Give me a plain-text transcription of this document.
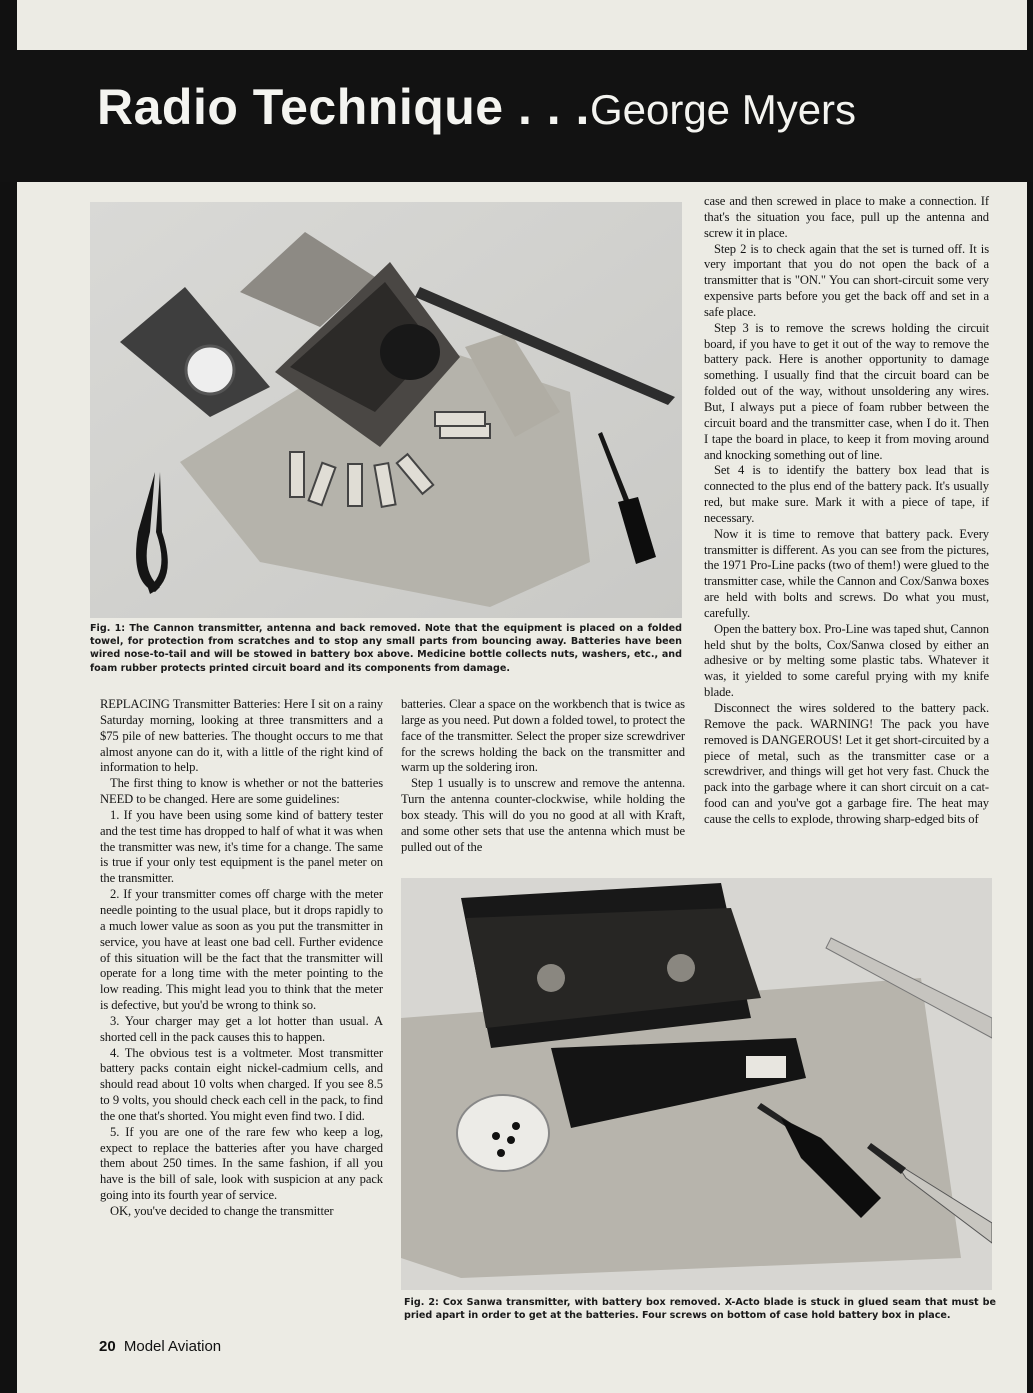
Radio Technique . . .George Myers
Fig. 1: The Cannon transmitter, antenna and back removed. Note that the equipment is placed on a folded towel, for protection from scratches and to stop any small parts from bouncing away. Batteries have been wired nose-to-tail and will be stowed in battery box above. Medicine bottle collects nuts, washers, etc., and foam rubber protects printed circuit board and its components from damage.
Fig. 2: Cox Sanwa transmitter, with battery box removed. X-Acto blade is stuck in glued seam that must be pried apart in order to get at the batteries. Four screws on bottom of case hold battery box in place.

REPLACING Transmitter Batteries: Here I sit on a rainy Saturday morning, looking at three transmitters and a $75 pile of new batteries. The thought occurs to me that almost anyone can do it, with a little of the right kind of information to help.

The first thing to know is whether or not the batteries NEED to be changed. Here are some guidelines:

1. If you have been using some kind of battery tester and the test time has dropped to half of what it was when the transmitter was new, it's time for a change. The same is true if your only test equipment is the panel meter on the transmitter.

2. If your transmitter comes off charge with the meter needle pointing to the usual place, but it drops rapidly to a much lower value as soon as you put the transmitter in service, you have at least one bad cell. Further evidence of this situation will be the fact that the transmitter will operate for a long time with the meter pointing to the low reading. This might lead you to think that the meter is defective, but you'd be wrong to think so.

3. Your charger may get a lot hotter than usual. A shorted cell in the pack causes this to happen.

4. The obvious test is a voltmeter. Most transmitter battery packs contain eight nickel-cadmium cells, and should read about 10 volts when charged. If you see 8.5 to 9 volts, you should check each cell in the pack, to find the one that's shorted. You might even find two. I did.

5. If you are one of the rare few who keep a log, expect to replace the batteries after you have charged them about 250 times. In the same fashion, if all you have is the bill of sale, look with suspicion at any pack going into its fourth year of service.

OK, you've decided to change the transmitter

batteries. Clear a space on the workbench that is twice as large as you need. Put down a folded towel, to protect the face of the transmitter. Select the proper size screwdriver for the screws holding the back on the transmitter and warm up the soldering iron.

Step 1 usually is to unscrew and remove the antenna. Turn the antenna counter-clockwise, while holding the box steady. This will do you no good at all with Kraft, and some other sets that use the antenna which must be pulled out of the

case and then screwed in place to make a connection. If that's the situation you face, pull up the antenna and screw it in place.

Step 2 is to check again that the set is turned off. It is very important that you do not open the back of a transmitter that is "ON." You can short-circuit some very expensive parts before you get the back off and set in a safe place.

Step 3 is to remove the screws holding the circuit board, if you have to get it out of the way to remove the battery pack. Here is another opportunity to damage something. I usually find that the circuit board can be folded out of the way, without unsoldering any wires. But, I always put a piece of foam rubber between the circuit board and the transmitter case, when I do it. Then I tape the board in place, to keep it from moving around and knocking something out of line.

Set 4 is to identify the battery box lead that is connected to the plus end of the battery pack. It's usually red, but make sure. Mark it with a piece of tape, if necessary.

Now it is time to remove that battery pack. Every transmitter is different. As you can see from the pictures, the 1971 Pro-Line packs (two of them!) were glued to the transmitter case, while the Cannon and Cox/Sanwa boxes are held with bolts and screws. Do what you must, carefully.

Open the battery box. Pro-Line was taped shut, Cannon held shut by the bolts, Cox/Sanwa closed by either an adhesive or by melting some plastic tabs. Whatever it was, it yielded to some careful prying with my knife blade.

Disconnect the wires soldered to the battery pack. Remove the pack. WARNING! The pack you have removed is DANGEROUS! Let it get short-circuited by a piece of metal, such as the transmitter case or a screwdriver, and things will get hot very fast. Chuck the pack into the garbage where it can short circuit on a cat-food can and you've got a garbage fire. The heat may cause the cells to explode, throwing sharp-edged bits of

20 Model Aviation
